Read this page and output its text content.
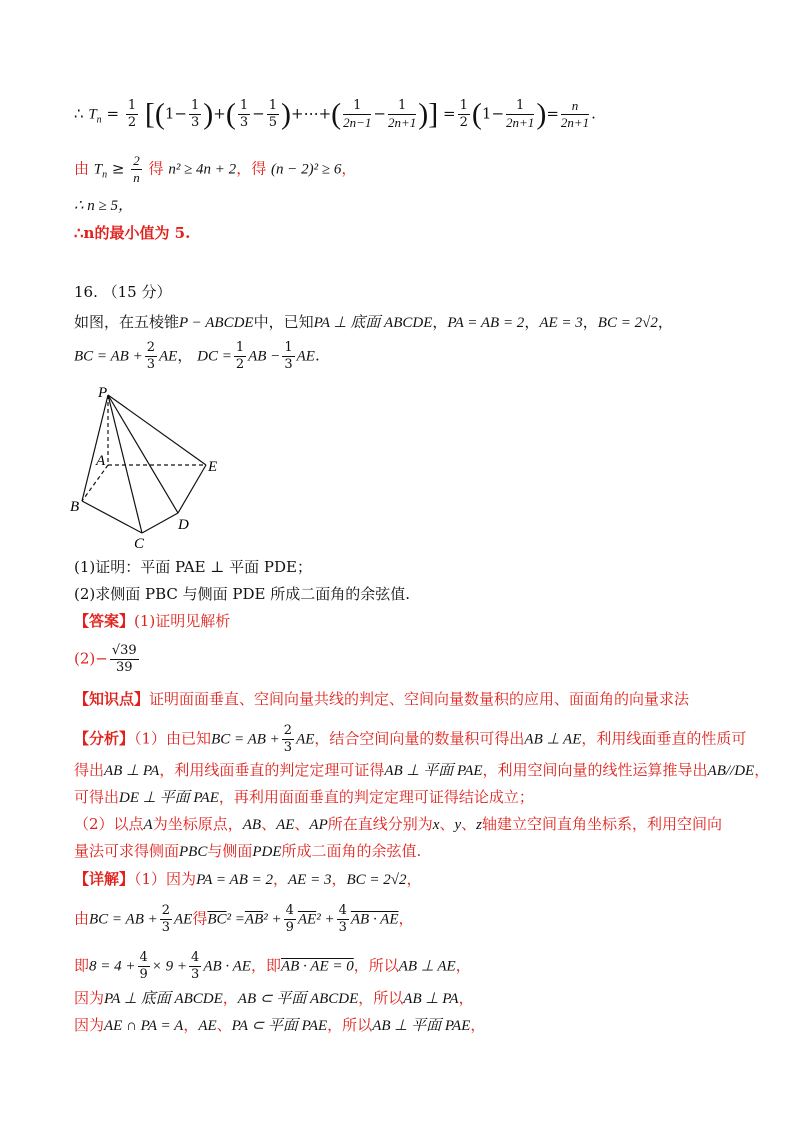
∴ $T_n = \frac{1}{2} [(1- \frac{1}{3}$ )+( $\frac{1}{3} - \frac{1}{5}$ )+⋯+( $\frac{1}{2n-1} - \frac{1}{2n+1}$ )] = $\frac{1}{2} (1- \frac{1}{2n+1}$ )= $\frac{n}{2n+1}$ .
由 $T_n \ge \frac{2}{n}$ 得 n² ≥ 4n + 2，得 (n − 2)² ≥ 6，
∴ n ≥ 5，
∴n的最小值为 5.
16. （15 分）
如图，在五棱锥P − ABCDE中，已知PA ⊥ 底面 ABCDE，PA = AB = 2，AE = 3，BC = 2√2，
BC = AB + $\frac{2}{3}$ AE， DC = $\frac{1}{2}$ AB − $\frac{1}{3}$ AE.
P
A
B
C
D
E
(1)证明：平面 PAE ⊥ 平面 PDE；
(2)求侧面 PBC 与侧面 PDE 所成二面角的余弦值.
【答案】(1)证明见解析
$(2)- \frac{√39}{39}$
【知识点】证明面面垂直、空间向量共线的判定、空间向量数量积的应用、面面角的向量求法
【分析】（1）由已知BC = AB + $\frac{2}{3}$ AE，结合空间向量的数量积可得出AB ⊥ AE，利用线面垂直的性质可
得出AB ⊥ PA，利用线面垂直的判定定理可证得AB ⊥ 平面 PAE，利用空间向量的线性运算推导出AB//DE，
可得出DE ⊥ 平面 PAE，再利用面面垂直的判定定理可证得结论成立；
（2）以点A为坐标原点，AB、AE、AP所在直线分别为x、y、z轴建立空间直角坐标系，利用空间向
量法可求得侧面PBC与侧面PDE所成二面角的余弦值.
【详解】（1）因为PA = AB = 2，AE = 3，BC = 2√2，
由BC = AB + $\frac{2}{3}$ AE得$\overline{BC}^2 =\overline{AB}^2 + \frac{4}{9} \overline{AE}^2 + \frac{4}{3}$ AB · AE，
即$8 = 4 + \frac{4}{9} \times 9 + \frac{4}{3}$ AB · AE，即AB · AE = 0，所以AB ⊥ AE，
因为PA ⊥ 底面 ABCDE，AB ⊂ 平面 ABCDE，所以AB ⊥ PA，
因为AE ∩ PA = A，AE、PA ⊂ 平面 PAE，所以AB ⊥ 平面 PAE，
